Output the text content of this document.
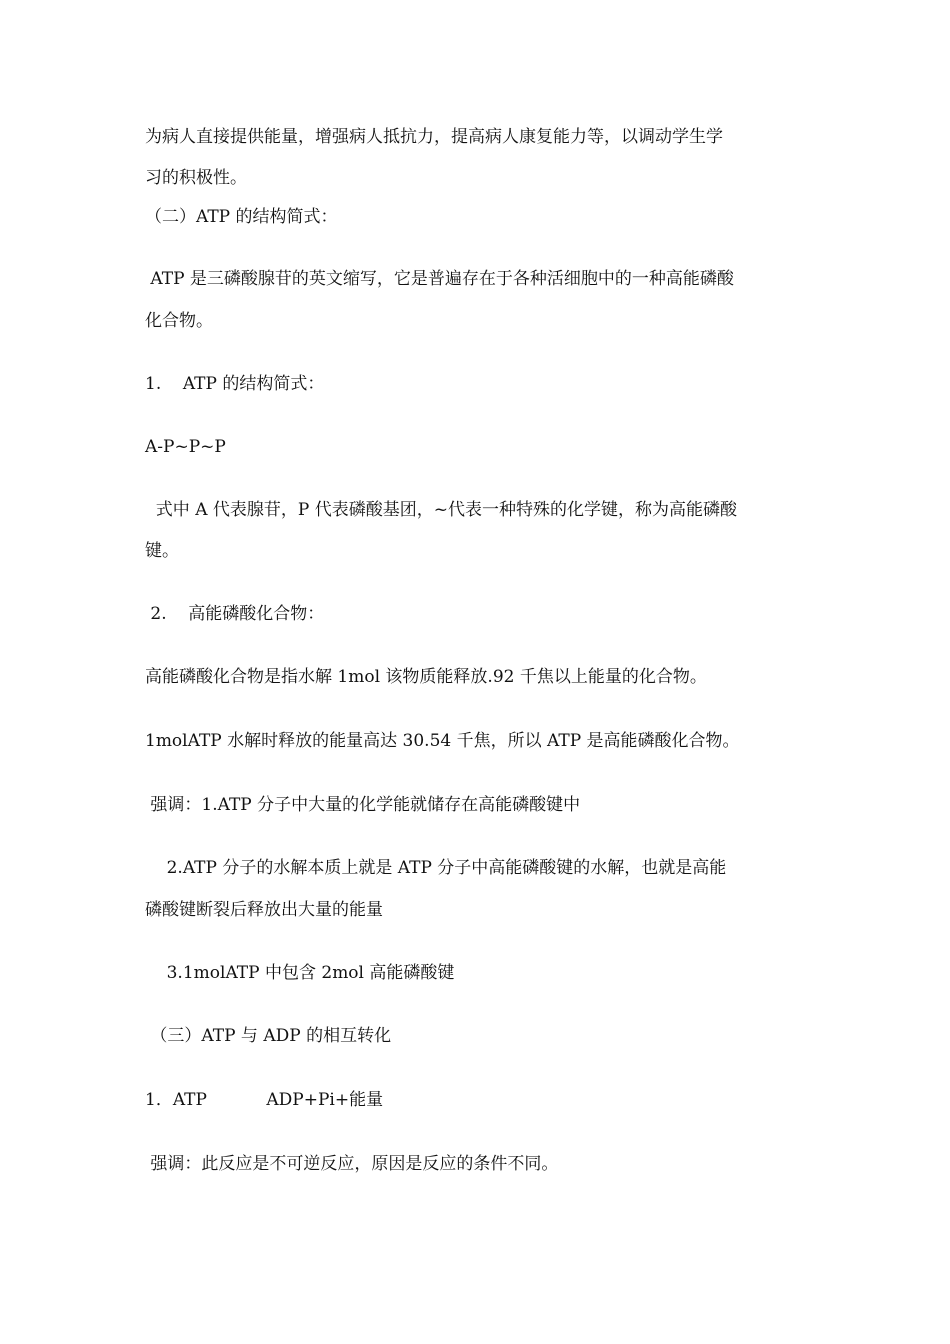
为病人直接提供能量，增强病人抵抗力，提高病人康复能力等，以调动学生学
习的积极性。
（二）ATP 的结构简式：
ATP 是三磷酸腺苷的英文缩写，它是普遍存在于各种活细胞中的一种高能磷酸
化合物。
1.    ATP 的结构简式：
A-P~P~P
式中 A 代表腺苷，P 代表磷酸基团，~代表一种特殊的化学键，称为高能磷酸
键。
2.    高能磷酸化合物：
高能磷酸化合物是指水解 1mol 该物质能释放.92 千焦以上能量的化合物。
1molATP 水解时释放的能量高达 30.54 千焦，所以 ATP 是高能磷酸化合物。
强调：1.ATP 分子中大量的化学能就储存在高能磷酸键中
2.ATP 分子的水解本质上就是 ATP 分子中高能磷酸键的水解，也就是高能
磷酸键断裂后释放出大量的能量
3.1molATP 中包含 2mol 高能磷酸键
（三）ATP 与 ADP 的相互转化
1．ATP           ADP+Pi+能量
强调：此反应是不可逆反应，原因是反应的条件不同。
